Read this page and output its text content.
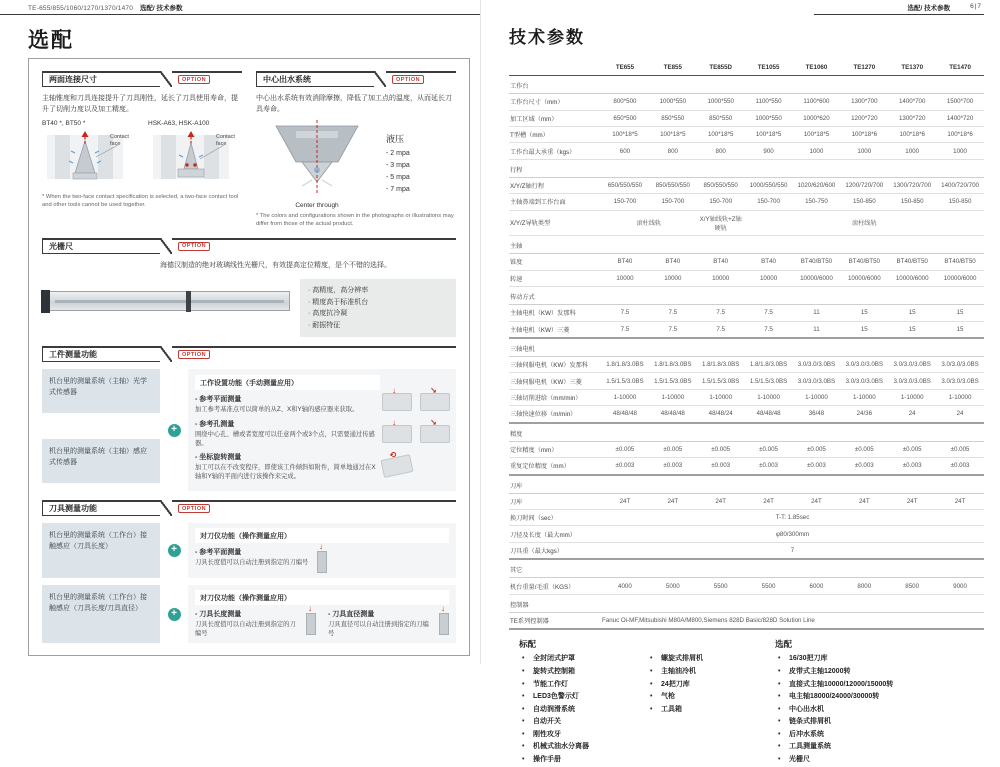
TE-655/855/1060/1270/1370/1470 选配/ 技术参数
选配
两面连接尺寸	OPTION
主轴锥度和刀具连接提升了刀具刚性，延长了刀具使用寿命，提升了切削力度以及加工精度。
BT40 *, BT50 *
Contact face
HSK-A63, HSK-A100
Contact face
* When the two-face contact specification is selected, a two-face contact tool and other tools cannot be used together.
中心出水系统	OPTION
中心出水系统有效消除摩擦，降低了加工点的温度，从而延长刀具寿命。
Center through
液压
- 2 mpa
- 3 mpa
- 5 mpa
- 7 mpa
* The colors and configurations shown in the photographs or illustrations may differ from those of the actual product.
光栅尺	OPTION
海德汉制造的绝对玻璃线性光栅尺，有效提高定位精度，是个不错的选择。
· 高精度，高分辨率
· 精度高于标准机台
· 高度抗冷凝
· 耐振特征
工件测量功能	OPTION
机台里的测量系统（主轴）光学式传感器
机台里的测量系统（主轴）感应式传感器
+
工作设置功能（手动测量应用）
- 参考平面测量
加工参考基准点可以简单的从Z、X和Y轴的感应器来获取。
- 参考孔测量
围绕中心孔、槽或者宽度可以任意两个或3个点，只需要通过传感器。
- 坐标旋转测量
加工可以在不改变程序，即使该工件倾斜如附件，简单地通过在X轴和Y轴的平面内进行该操作来完成。
↓	↘
↓	↘
⟲
刀具测量功能	OPTION
机台里的测量系统（工作台）接触感应（刀具长度）	+
对刀仪功能（操作测量应用）
- 参考平面测量
刀具长度值可以自动注册到指定的刀编号
↓
机台里的测量系统（工作台）接触感应（刀具长度/刀具直径）	+
对刀仪功能（操作测量应用）
- 刀具长度测量
刀具长度值可以自动注册到指定的刀编号
↓
- 刀具直径测量
刀具直径可以自动注册到指定的刀编号
↓
选配/ 技术参数	6|7
技术参数
	TE655	TE855	TE855D	TE1055	TE1060	TE1270	TE1370	TE1470
工作台								
工作台尺寸（mm）	800*500	1000*550	1000*550	1100*550	1100*600	1300*700	1400*700	1500*700
加工区域（mm）	650*500	850*550	850*550	1000*550	1000*620	1200*720	1300*720	1400*720
T型槽（mm）	100*18*5	100*18*5	100*18*5	100*18*5	100*18*5	100*18*6	100*18*6	100*18*6
工作台最大承重（kgs）	600	800	800	900	1000	1000	1000	1000
行程								
X/Y/Z轴行程	650/550/550	850/550/550	850/550/550	1000/550/550	1020/620/600	1200/720/700	1300/720/700	1400/720/700
主轴鼻端到工作台面	150-700	150-700	150-700	150-700	150-750	150-850	150-850	150-850
X/Y/Z导轨类型	滚柱线轨		X/Y轴线轨+Z轴硬轨	滚柱线轨				
主轴								
锥度	BT40	BT40	BT40	BT40	BT40/BT50	BT40/BT50	BT40/BT50	BT40/BT50
转速	10000	10000	10000	10000	10000/6000	10000/6000	10000/6000	10000/6000
传动方式								
主轴电机（KW）发那科	7.5	7.5	7.5	7.5	11	15	15	15
主轴电机（KW）三菱	7.5	7.5	7.5	7.5	11	15	15	15
三轴电机								
三轴伺服电机（KW）发那科	1.8/1.8/3.0BS	1.8/1.8/3.0BS	1.8/1.8/3.0BS	1.8/1.8/3.0BS	3.0/3.0/3.0BS	3.0/3.0/3.0BS	3.0/3.0/3.0BS	3.0/3.0/3.0BS
三轴伺服电机（KW）三菱	1.5/1.5/3.0BS	1.5/1.5/3.0BS	1.5/1.5/3.0BS	1.5/1.5/3.0BS	3.0/3.0/3.0BS	3.0/3.0/3.0BS	3.0/3.0/3.0BS	3.0/3.0/3.0BS
三轴切削进给（mm/min）	1-10000	1-10000	1-10000	1-10000	1-10000	1-10000	1-10000	1-10000
三轴快速位移（m/min）	48/48/48	48/48/48	48/48/24	48/48/48	36/48	24/36	24	24
精度								
定位精度（mm）	±0.005	±0.005	±0.005	±0.005	±0.005	±0.005	±0.005	±0.005
重复定位精度（mm）	±0.003	±0.003	±0.003	±0.003	±0.003	±0.003	±0.003	±0.003
刀库								
刀库	24T	24T	24T	24T	24T	24T	24T	24T
换刀时间（sec）	T-T: 1.85sec							
刀径及长度（最大mm）	φ80/300mm							
刀具重（最大kgs）	7							
其它								
机台重量/毛重（KGS）	4000	5000	5500	5500	6000	8000	8500	9000
控制器								
TE系列控制器	Fanuc Oi-MF,Mitsubishi M80A/M800,Siemens 828D Basic/828D Solution Line							
标配
• 全封闭式护罩
• 旋转式控制箱
• 节能工作灯
• LED3色警示灯
• 自动润滑系统
• 自动开关
• 刚性攻牙
• 机械式油水分离器
• 操作手册
• 螺旋式排屑机
• 主轴油冷机
• 24把刀库
• 气枪
• 工具箱
选配
• 16/30把刀库
• 皮带式主轴12000转
• 直接式主轴10000/12000/15000转
• 电主轴18000/24000/30000转
• 中心出水机
• 链条式排屑机
• 后冲水系统
• 工具测量系统
• 光栅尺
